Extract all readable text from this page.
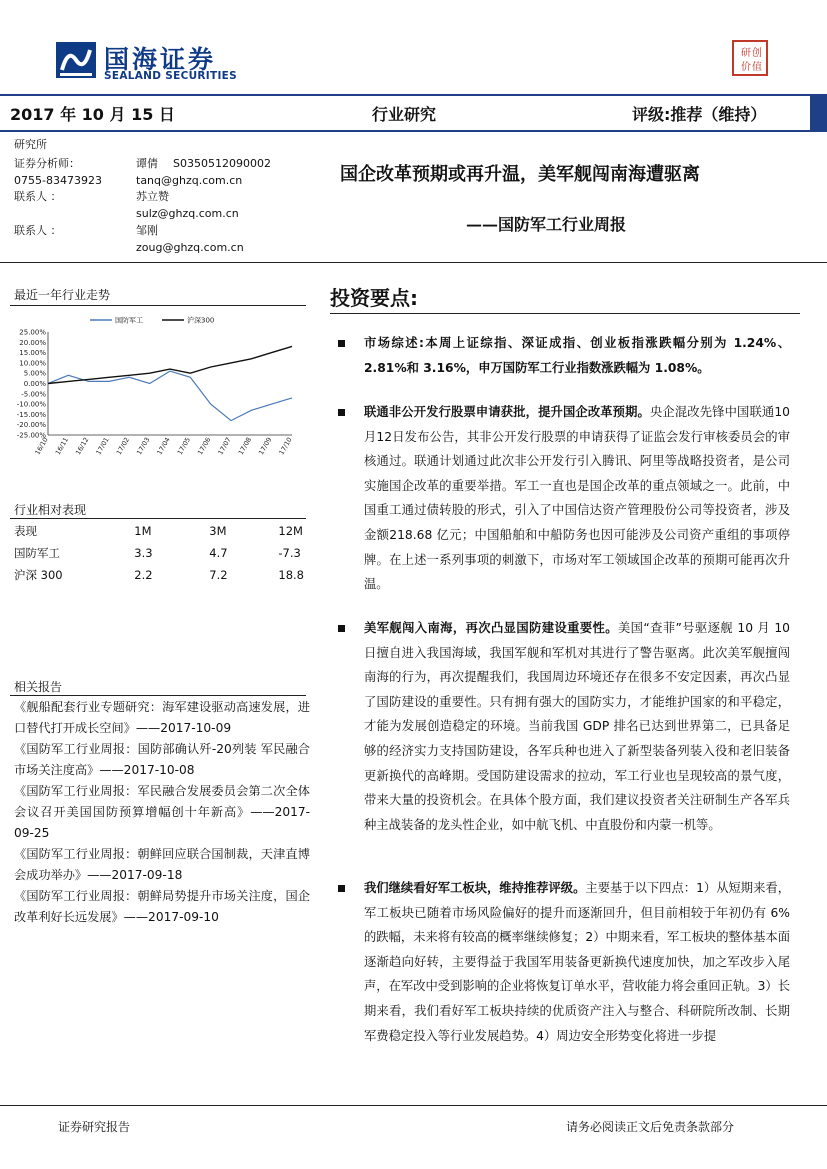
国海证券
SEALAND SECURITIES
研 创
价 值
2017 年 10 月 15 日	行业研究	评级:推荐（维持）
研究所
证券分析师：	谭倩 S0350512090002
0755-83473923	tanq@ghzq.com.cn
联系人 ：	苏立赞
sulz@ghzq.com.cn
联系人 ：	邹刚
zoug@ghzq.com.cn
国企改革预期或再升温，美军舰闯南海遭驱离
——国防军工行业周报
最近一年行业走势
25.00%
20.00%
15.00%
10.00%
5.00%
0.00%
-5.00%
-10.00%
-15.00%
-20.00%
-25.00%
16/10 16/11 16/12 17/01 17/02 17/03 17/04 17/05 17/06 17/07 17/08 17/09 17/10
国防军工	沪深300
行业相对表现
表现	1M	3M	12M
国防军工	3.3	4.7	-7.3
沪深 300	2.2	7.2	18.8
相关报告

《舰船配套行业专题研究：海军建设驱动高速发展，进口替代打开成长空间》——2017-10-09

《国防军工行业周报：国防部确认歼-20列装 军民融合市场关注度高》——2017-10-08

《国防军工行业周报：军民融合发展委员会第二次全体会议召开美国国防预算增幅创十年新高》——2017-09-25

《国防军工行业周报：朝鲜回应联合国制裁，天津直博会成功举办》——2017-09-18

《国防军工行业周报：朝鲜局势提升市场关注度，国企改革利好长远发展》——2017-09-10

投资要点:
市场综述:本周上证综指、深证成指、创业板指涨跌幅分别为 1.24%、2.81%和 3.16%，申万国防军工行业指数涨跌幅为 1.08%。
联通非公开发行股票申请获批，提升国企改革预期。央企混改先锋中国联通10月12日发布公告，其非公开发行股票的申请获得了证监会发行审核委员会的审核通过。联通计划通过此次非公开发行引入腾讯、阿里等战略投资者，是公司实施国企改革的重要举措。军工一直也是国企改革的重点领域之一。此前，中国重工通过债转股的形式，引入了中国信达资产管理股份公司等投资者，涉及金额218.68 亿元；中国船舶和中船防务也因可能涉及公司资产重组的事项停牌。在上述一系列事项的刺激下，市场对军工领域国企改革的预期可能再次升温。
美军舰闯入南海，再次凸显国防建设重要性。美国“查菲”号驱逐舰 10 月 10 日擅自进入我国海域，我国军舰和军机对其进行了警告驱离。此次美军舰擅闯南海的行为，再次提醒我们，我国周边环境还存在很多不安定因素，再次凸显了国防建设的重要性。只有拥有强大的国防实力，才能维护国家的和平稳定，才能为发展创造稳定的环境。当前我国 GDP 排名已达到世界第二，已具备足够的经济实力支持国防建设，各军兵种也进入了新型装备列装入役和老旧装备更新换代的高峰期。受国防建设需求的拉动，军工行业也呈现较高的景气度，带来大量的投资机会。在具体个股方面，我们建议投资者关注研制生产各军兵种主战装备的龙头性企业，如中航飞机、中直股份和内蒙一机等。
我们继续看好军工板块，维持推荐评级。主要基于以下四点：1）从短期来看，军工板块已随着市场风险偏好的提升而逐渐回升，但目前相较于年初仍有 6%的跌幅，未来将有较高的概率继续修复；2）中期来看，军工板块的整体基本面逐渐趋向好转，主要得益于我国军用装备更新换代速度加快，加之军改步入尾声，在军改中受到影响的企业将恢复订单水平，营收能力将会重回正轨。3）长期来看，我们看好军工板块持续的优质资产注入与整合、科研院所改制、长期军费稳定投入等行业发展趋势。4）周边安全形势变化将进一步提
证券研究报告	请务必阅读正文后免责条款部分
